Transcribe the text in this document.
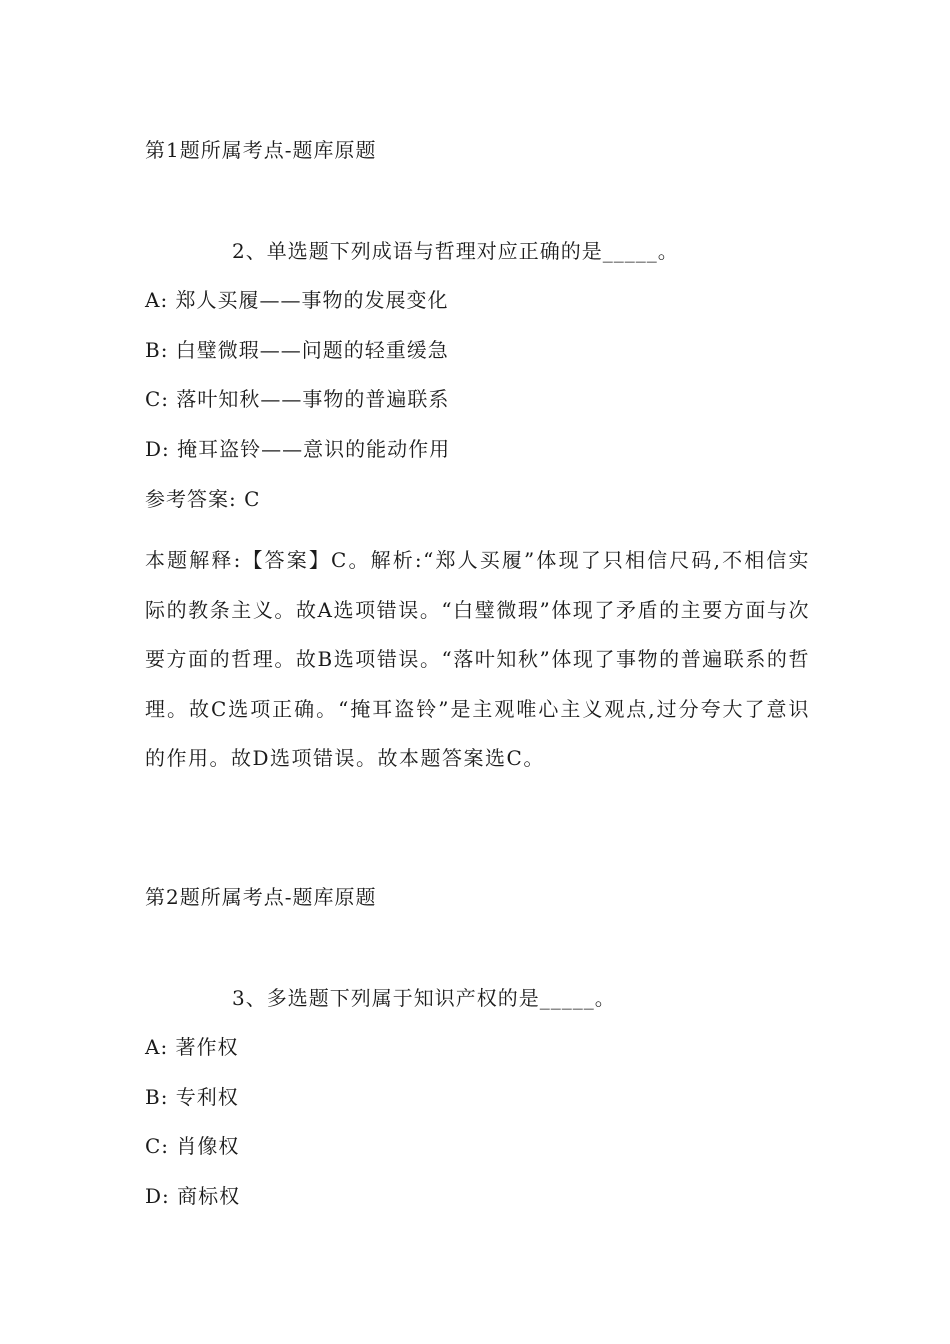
第1题所属考点-题库原题
2、单选题下列成语与哲理对应正确的是_____。
A: 郑人买履——事物的发展变化
B: 白璧微瑕——问题的轻重缓急
C: 落叶知秋——事物的普遍联系
D: 掩耳盗铃——意识的能动作用
参考答案: C
本题解释:【答案】C。解析:“郑人买履”体现了只相信尺码,不相信实际的教条主义。故A选项错误。“白璧微瑕”体现了矛盾的主要方面与次要方面的哲理。故B选项错误。“落叶知秋”体现了事物的普遍联系的哲理。故C选项正确。“掩耳盗铃”是主观唯心主义观点,过分夸大了意识的作用。故D选项错误。故本题答案选C。
第2题所属考点-题库原题
3、多选题下列属于知识产权的是_____。
A: 著作权
B: 专利权
C: 肖像权
D: 商标权
